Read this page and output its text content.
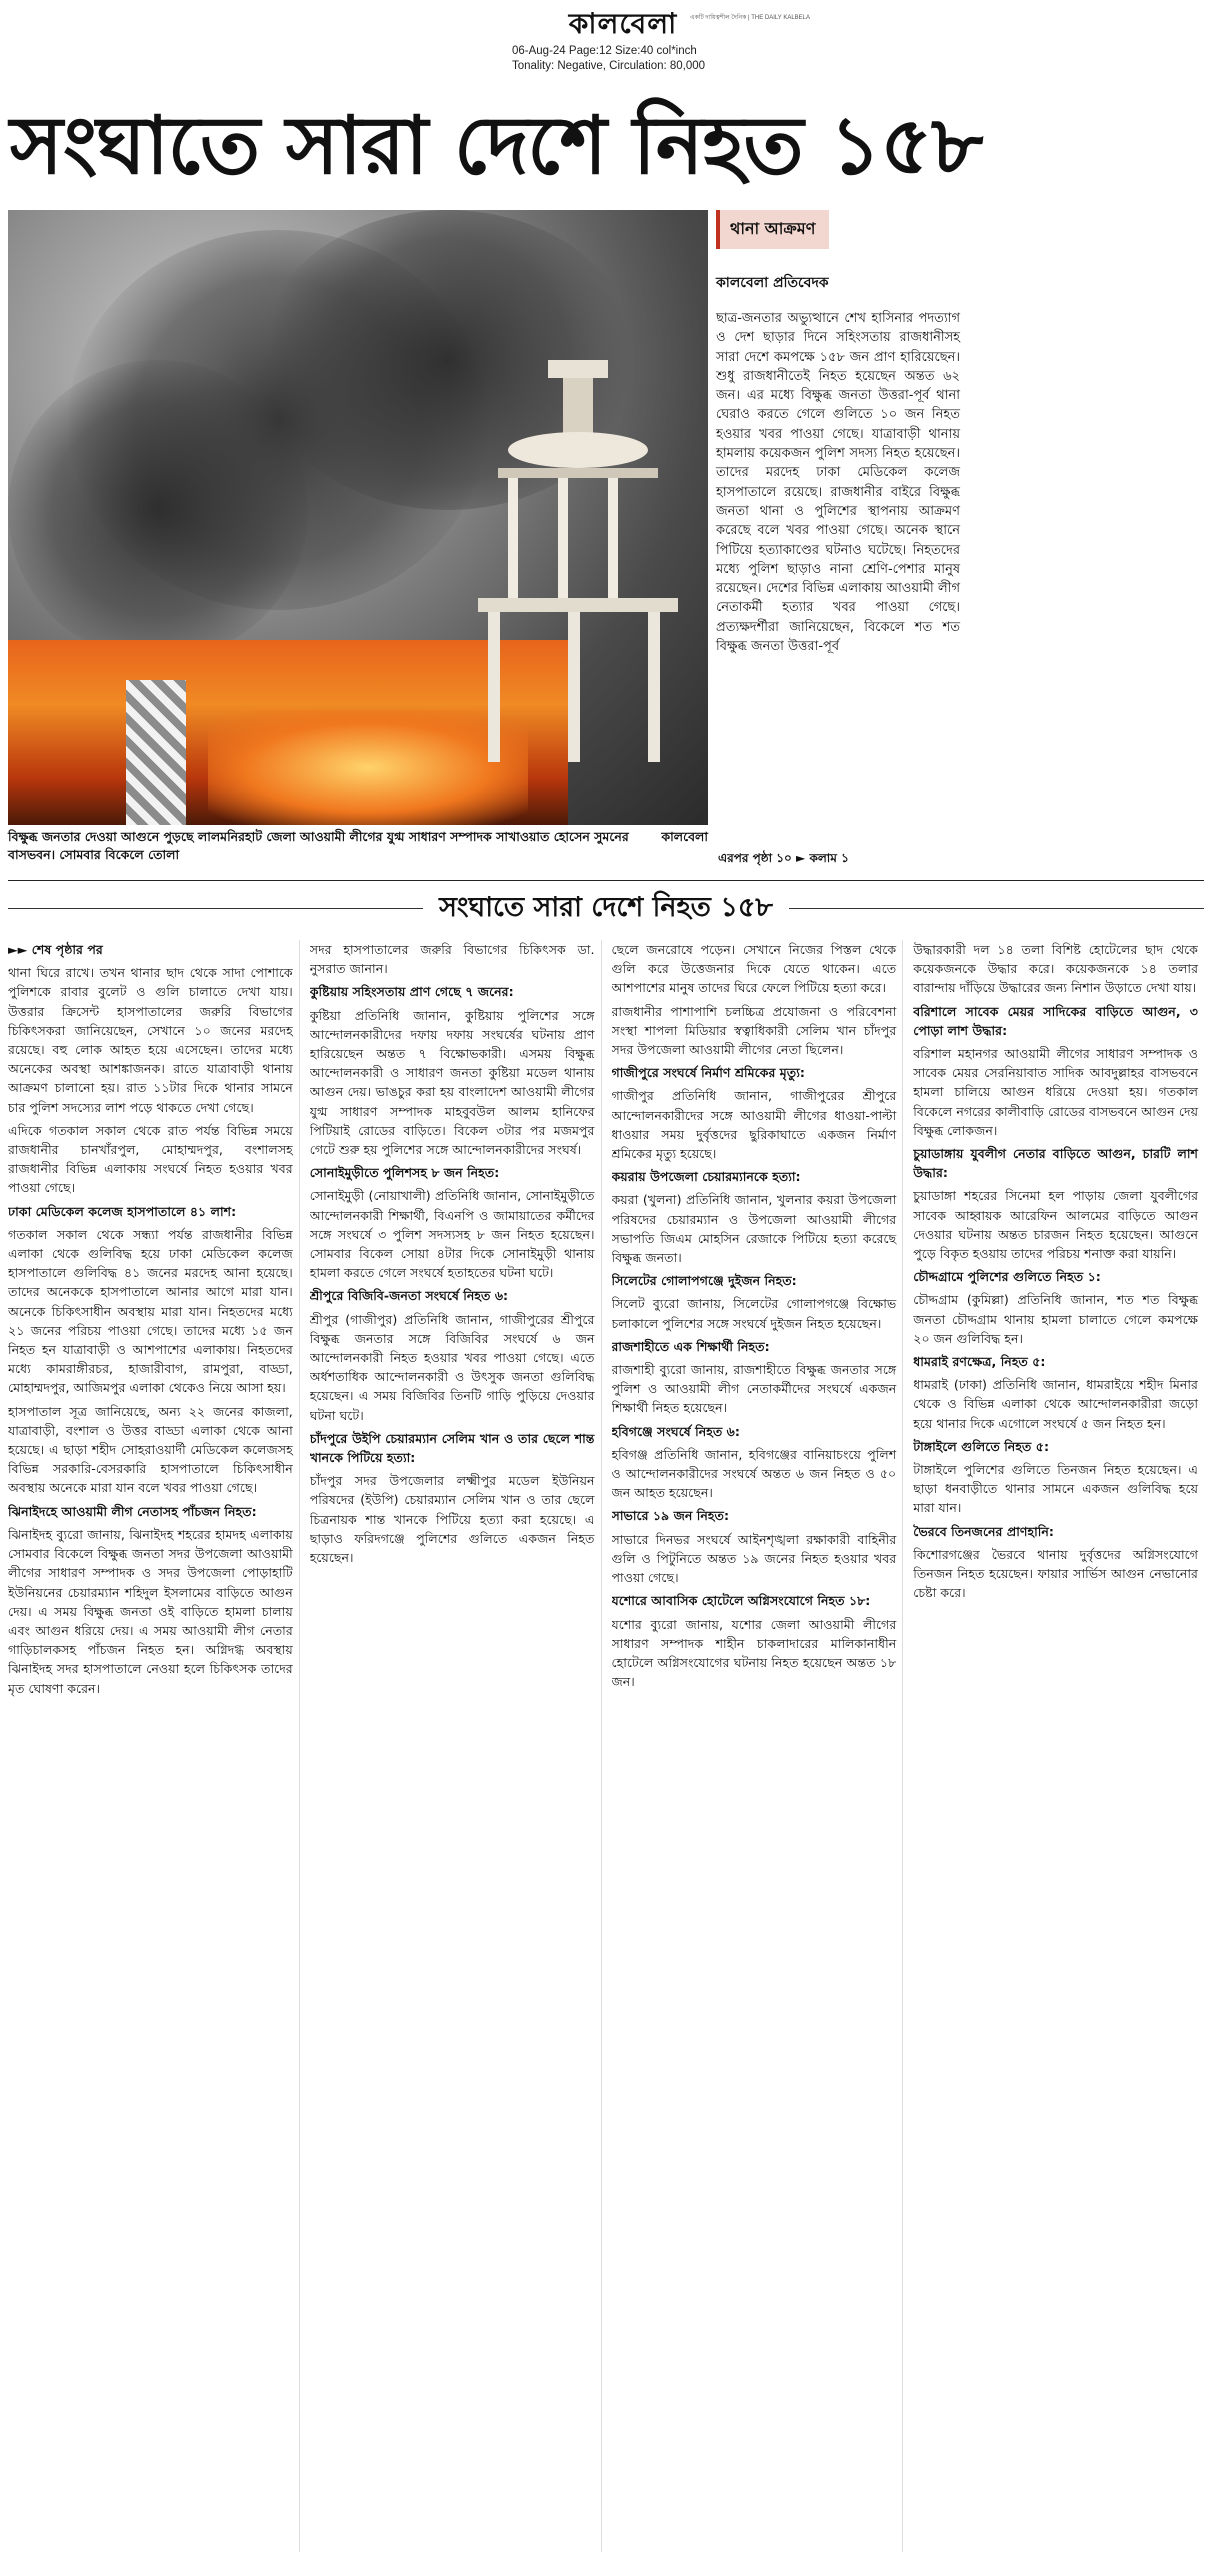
কালবেলা	একটি দায়িত্বশীল দৈনিক | THE DAILY KALBELA
06-Aug-24 Page:12 Size:40 col*inch
Tonality: Negative, Circulation: 80,000
সংঘাতে সারা দেশে নিহত ১৫৮
কালবেলা
বিক্ষুব্ধ জনতার দেওয়া আগুনে পুড়ছে লালমনিরহাট জেলা আওয়ামী লীগের যুগ্ম সাধারণ সম্পাদক সাখাওয়াত হোসেন সুমনের বাসভবন। সোমবার বিকেলে তোলা
থানা আক্রমণ
কালবেলা প্রতিবেদক
ছাত্র-জনতার অভ্যুত্থানে শেখ হাসিনার পদত্যাগ ও দেশ ছাড়ার দিনে সহিংসতায় রাজধানীসহ সারা দেশে কমপক্ষে ১৫৮ জন প্রাণ হারিয়েছেন। শুধু রাজধানীতেই নিহত হয়েছেন অন্তত ৬২ জন। এর মধ্যে বিক্ষুব্ধ জনতা উত্তরা-পূর্ব থানা ঘেরাও করতে গেলে গুলিতে ১০ জন নিহত হওয়ার খবর পাওয়া গেছে। যাত্রাবাড়ী থানায় হামলায় কয়েকজন পুলিশ সদস্য নিহত হয়েছেন। তাদের মরদেহ ঢাকা মেডিকেল কলেজ হাসপাতালে রয়েছে। রাজধানীর বাইরে বিক্ষুব্ধ জনতা থানা ও পুলিশের স্থাপনায় আক্রমণ করেছে বলে খবর পাওয়া গেছে। অনেক স্থানে পিটিয়ে হত্যাকাণ্ডের ঘটনাও ঘটেছে। নিহতদের মধ্যে পুলিশ ছাড়াও নানা শ্রেণি-পেশার মানুষ রয়েছেন। দেশের বিভিন্ন এলাকায় আওয়ামী লীগ নেতাকর্মী হত্যার খবর পাওয়া গেছে। প্রত্যক্ষদর্শীরা জানিয়েছেন, বিকেলে শত শত বিক্ষুব্ধ জনতা উত্তরা-পূর্ব
এরপর পৃষ্ঠা ১০ ► কলাম ১
সংঘাতে সারা দেশে নিহত ১৫৮

►► শেষ পৃষ্ঠার পর

থানা ঘিরে রাখে। তখন থানার ছাদ থেকে সাদা পোশাকে পুলিশকে রাবার বুলেট ও গুলি চালাতে দেখা যায়। উত্তরার ক্রিসেন্ট হাসপাতালের জরুরি বিভাগের চিকিৎসকরা জানিয়েছেন, সেখানে ১০ জনের মরদেহ রয়েছে। বহু লোক আহত হয়ে এসেছেন। তাদের মধ্যে অনেকের অবস্থা আশঙ্কাজনক। রাতে যাত্রাবাড়ী থানায় আক্রমণ চালানো হয়। রাত ১১টার দিকে থানার সামনে চার পুলিশ সদস্যের লাশ পড়ে থাকতে দেখা গেছে।

এদিকে গতকাল সকাল থেকে রাত পর্যন্ত বিভিন্ন সময়ে রাজধানীর চানখাঁরপুল, মোহাম্মদপুর, বংশালসহ রাজধানীর বিভিন্ন এলাকায় সংঘর্ষে নিহত হওয়ার খবর পাওয়া গেছে।

ঢাকা মেডিকেল কলেজ হাসপাতালে ৪১ লাশ:

গতকাল সকাল থেকে সন্ধ্যা পর্যন্ত রাজধানীর বিভিন্ন এলাকা থেকে গুলিবিদ্ধ হয়ে ঢাকা মেডিকেল কলেজ হাসপাতালে গুলিবিদ্ধ ৪১ জনের মরদেহ আনা হয়েছে। তাদের অনেককে হাসপাতালে আনার আগে মারা যান। অনেকে চিকিৎসাধীন অবস্থায় মারা যান। নিহতদের মধ্যে ২১ জনের পরিচয় পাওয়া গেছে। তাদের মধ্যে ১৫ জন নিহত হন যাত্রাবাড়ী ও আশপাশের এলাকায়। নিহতদের মধ্যে কামরাঙ্গীরচর, হাজারীবাগ, রামপুরা, বাড্ডা, মোহাম্মদপুর, আজিমপুর এলাকা থেকেও নিয়ে আসা হয়।

হাসপাতাল সূত্র জানিয়েছে, অন্য ২২ জনের কাজলা, যাত্রাবাড়ী, বংশাল ও উত্তর বাড্ডা এলাকা থেকে আনা হয়েছে। এ ছাড়া শহীদ সোহরাওয়ার্দী মেডিকেল কলেজসহ বিভিন্ন সরকারি-বেসরকারি হাসপাতালে চিকিৎসাধীন অবস্থায় অনেকে মারা যান বলে খবর পাওয়া গেছে।

ঝিনাইদহে আওয়ামী লীগ নেতাসহ পাঁচজন নিহত:

ঝিনাইদহ ব্যুরো জানায়, ঝিনাইদহ শহরের হামদহ এলাকায় সোমবার বিকেলে বিক্ষুব্ধ জনতা সদর উপজেলা আওয়ামী লীগের সাধারণ সম্পাদক ও সদর উপজেলা পোড়াহাটি ইউনিয়নের চেয়ারম্যান শহিদুল ইসলামের বাড়িতে আগুন দেয়। এ সময় বিক্ষুব্ধ জনতা ওই বাড়িতে হামলা চালায় এবং আগুন ধরিয়ে দেয়। এ সময় আওয়ামী লীগ নেতার গাড়িচালকসহ পাঁচজন নিহত হন। অগ্নিদগ্ধ অবস্থায় ঝিনাইদহ সদর হাসপাতালে নেওয়া হলে চিকিৎসক তাদের মৃত ঘোষণা করেন।

সদর হাসপাতালের জরুরি বিভাগের চিকিৎসক ডা. নুসরাত জানান।

কুষ্টিয়ায় সহিংসতায় প্রাণ গেছে ৭ জনের:

কুষ্টিয়া প্রতিনিধি জানান, কুষ্টিয়ায় পুলিশের সঙ্গে আন্দোলনকারীদের দফায় দফায় সংঘর্ষের ঘটনায় প্রাণ হারিয়েছেন অন্তত ৭ বিক্ষোভকারী। এসময় বিক্ষুব্ধ আন্দোলনকারী ও সাধারণ জনতা কুষ্টিয়া মডেল থানায় আগুন দেয়। ভাঙচুর করা হয় বাংলাদেশ আওয়ামী লীগের যুগ্ম সাধারণ সম্পাদক মাহবুবউল আলম হানিফের পিটিয়াই রোডের বাড়িতে। বিকেল ৩টার পর মজমপুর গেটে শুরু হয় পুলিশের সঙ্গে আন্দোলনকারীদের সংঘর্ষ।

সোনাইমুড়ীতে পুলিশসহ ৮ জন নিহত:

সোনাইমুড়ী (নোয়াখালী) প্রতিনিধি জানান, সোনাইমুড়ীতে আন্দোলনকারী শিক্ষার্থী, বিএনপি ও জামায়াতের কর্মীদের সঙ্গে সংঘর্ষে ৩ পুলিশ সদস্যসহ ৮ জন নিহত হয়েছেন। সোমবার বিকেল সোয়া ৪টার দিকে সোনাইমুড়ী থানায় হামলা করতে গেলে সংঘর্ষে হতাহতের ঘটনা ঘটে।

শ্রীপুরে বিজিবি-জনতা সংঘর্ষে নিহত ৬:

শ্রীপুর (গাজীপুর) প্রতিনিধি জানান, গাজীপুরের শ্রীপুরে বিক্ষুব্ধ জনতার সঙ্গে বিজিবির সংঘর্ষে ৬ জন আন্দোলনকারী নিহত হওয়ার খবর পাওয়া গেছে। এতে অর্ধশতাধিক আন্দোলনকারী ও উৎসুক জনতা গুলিবিদ্ধ হয়েছেন। এ সময় বিজিবির তিনটি গাড়ি পুড়িয়ে দেওয়ার ঘটনা ঘটে।

চাঁদপুরে উইপি চেয়ারম্যান সেলিম খান ও তার ছেলে শান্ত খানকে পিটিয়ে হত্যা:

চাঁদপুর সদর উপজেলার লক্ষ্মীপুর মডেল ইউনিয়ন পরিষদের (ইউপি) চেয়ারম্যান সেলিম খান ও তার ছেলে চিত্রনায়ক শান্ত খানকে পিটিয়ে হত্যা করা হয়েছে। এ ছাড়াও ফরিদগঞ্জে পুলিশের গুলিতে একজন নিহত হয়েছেন।

ছেলে জনরোষে পড়েন। সেখানে নিজের পিস্তল থেকে গুলি করে উত্তেজনার দিকে যেতে থাকেন। এতে আশপাশের মানুষ তাদের ঘিরে ফেলে পিটিয়ে হত্যা করে।

রাজধানীর পাশাপাশি চলচ্চিত্র প্রযোজনা ও পরিবেশনা সংস্থা শাপলা মিডিয়ার স্বত্বাধিকারী সেলিম খান চাঁদপুর সদর উপজেলা আওয়ামী লীগের নেতা ছিলেন।

গাজীপুরে সংঘর্ষে নির্মাণ শ্রমিকের মৃত্যু:

গাজীপুর প্রতিনিধি জানান, গাজীপুরের শ্রীপুরে আন্দোলনকারীদের সঙ্গে আওয়ামী লীগের ধাওয়া-পাল্টা ধাওয়ার সময় দুর্বৃত্তদের ছুরিকাঘাতে একজন নির্মাণ শ্রমিকের মৃত্যু হয়েছে।

কয়রায় উপজেলা চেয়ারম্যানকে হত্যা:

কয়রা (খুলনা) প্রতিনিধি জানান, খুলনার কয়রা উপজেলা পরিষদের চেয়ারম্যান ও উপজেলা আওয়ামী লীগের সভাপতি জিএম মোহসিন রেজাকে পিটিয়ে হত্যা করেছে বিক্ষুব্ধ জনতা।

সিলেটের গোলাপগঞ্জে দুইজন নিহত:

সিলেট ব্যুরো জানায়, সিলেটের গোলাপগঞ্জে বিক্ষোভ চলাকালে পুলিশের সঙ্গে সংঘর্ষে দুইজন নিহত হয়েছেন।

রাজশাহীতে এক শিক্ষার্থী নিহত:

রাজশাহী ব্যুরো জানায়, রাজশাহীতে বিক্ষুব্ধ জনতার সঙ্গে পুলিশ ও আওয়ামী লীগ নেতাকর্মীদের সংঘর্ষে একজন শিক্ষার্থী নিহত হয়েছেন।

হবিগঞ্জে সংঘর্ষে নিহত ৬:

হবিগঞ্জ প্রতিনিধি জানান, হবিগঞ্জের বানিয়াচংয়ে পুলিশ ও আন্দোলনকারীদের সংঘর্ষে অন্তত ৬ জন নিহত ও ৫০ জন আহত হয়েছেন।

সাভারে ১৯ জন নিহত:

সাভারে দিনভর সংঘর্ষে আইনশৃঙ্খলা রক্ষাকারী বাহিনীর গুলি ও পিটুনিতে অন্তত ১৯ জনের নিহত হওয়ার খবর পাওয়া গেছে।

যশোরে আবাসিক হোটেলে অগ্নিসংযোগে নিহত ১৮:

যশোর ব্যুরো জানায়, যশোর জেলা আওয়ামী লীগের সাধারণ সম্পাদক শাহীন চাকলাদারের মালিকানাধীন হোটেলে অগ্নিসংযোগের ঘটনায় নিহত হয়েছেন অন্তত ১৮ জন।

উদ্ধারকারী দল ১৪ তলা বিশিষ্ট হোটেলের ছাদ থেকে কয়েকজনকে উদ্ধার করে। কয়েকজনকে ১৪ তলার বারান্দায় দাঁড়িয়ে উদ্ধারের জন্য নিশান উড়াতে দেখা যায়।

বরিশালে সাবেক মেয়র সাদিকের বাড়িতে আগুন, ৩ পোড়া লাশ উদ্ধার:

বরিশাল মহানগর আওয়ামী লীগের সাধারণ সম্পাদক ও সাবেক মেয়র সেরনিয়াবাত সাদিক আবদুল্লাহর বাসভবনে হামলা চালিয়ে আগুন ধরিয়ে দেওয়া হয়। গতকাল বিকেলে নগরের কালীবাড়ি রোডের বাসভবনে আগুন দেয় বিক্ষুব্ধ লোকজন।

চুয়াডাঙ্গায় যুবলীগ নেতার বাড়িতে আগুন, চারটি লাশ উদ্ধার:

চুয়াডাঙ্গা শহরের সিনেমা হল পাড়ায় জেলা যুবলীগের সাবেক আহ্বায়ক আরেফিন আলমের বাড়িতে আগুন দেওয়ার ঘটনায় অন্তত চারজন নিহত হয়েছেন। আগুনে পুড়ে বিকৃত হওয়ায় তাদের পরিচয় শনাক্ত করা যায়নি।

চৌদ্দগ্রামে পুলিশের গুলিতে নিহত ১:

চৌদ্দগ্রাম (কুমিল্লা) প্রতিনিধি জানান, শত শত বিক্ষুব্ধ জনতা চৌদ্দগ্রাম থানায় হামলা চালাতে গেলে কমপক্ষে ২০ জন গুলিবিদ্ধ হন।

ধামরাই রণক্ষেত্র, নিহত ৫:

ধামরাই (ঢাকা) প্রতিনিধি জানান, ধামরাইয়ে শহীদ মিনার থেকে ও বিভিন্ন এলাকা থেকে আন্দোলনকারীরা জড়ো হয়ে থানার দিকে এগোলে সংঘর্ষে ৫ জন নিহত হন।

টাঙ্গাইলে গুলিতে নিহত ৫:

টাঙ্গাইলে পুলিশের গুলিতে তিনজন নিহত হয়েছেন। এ ছাড়া ধনবাড়ীতে থানার সামনে একজন গুলিবিদ্ধ হয়ে মারা যান।

ভৈরবে তিনজনের প্রাণহানি:

কিশোরগঞ্জের ভৈরবে থানায় দুর্বৃত্তদের অগ্নিসংযোগে তিনজন নিহত হয়েছেন। ফায়ার সার্ভিস আগুন নেভানোর চেষ্টা করে।
